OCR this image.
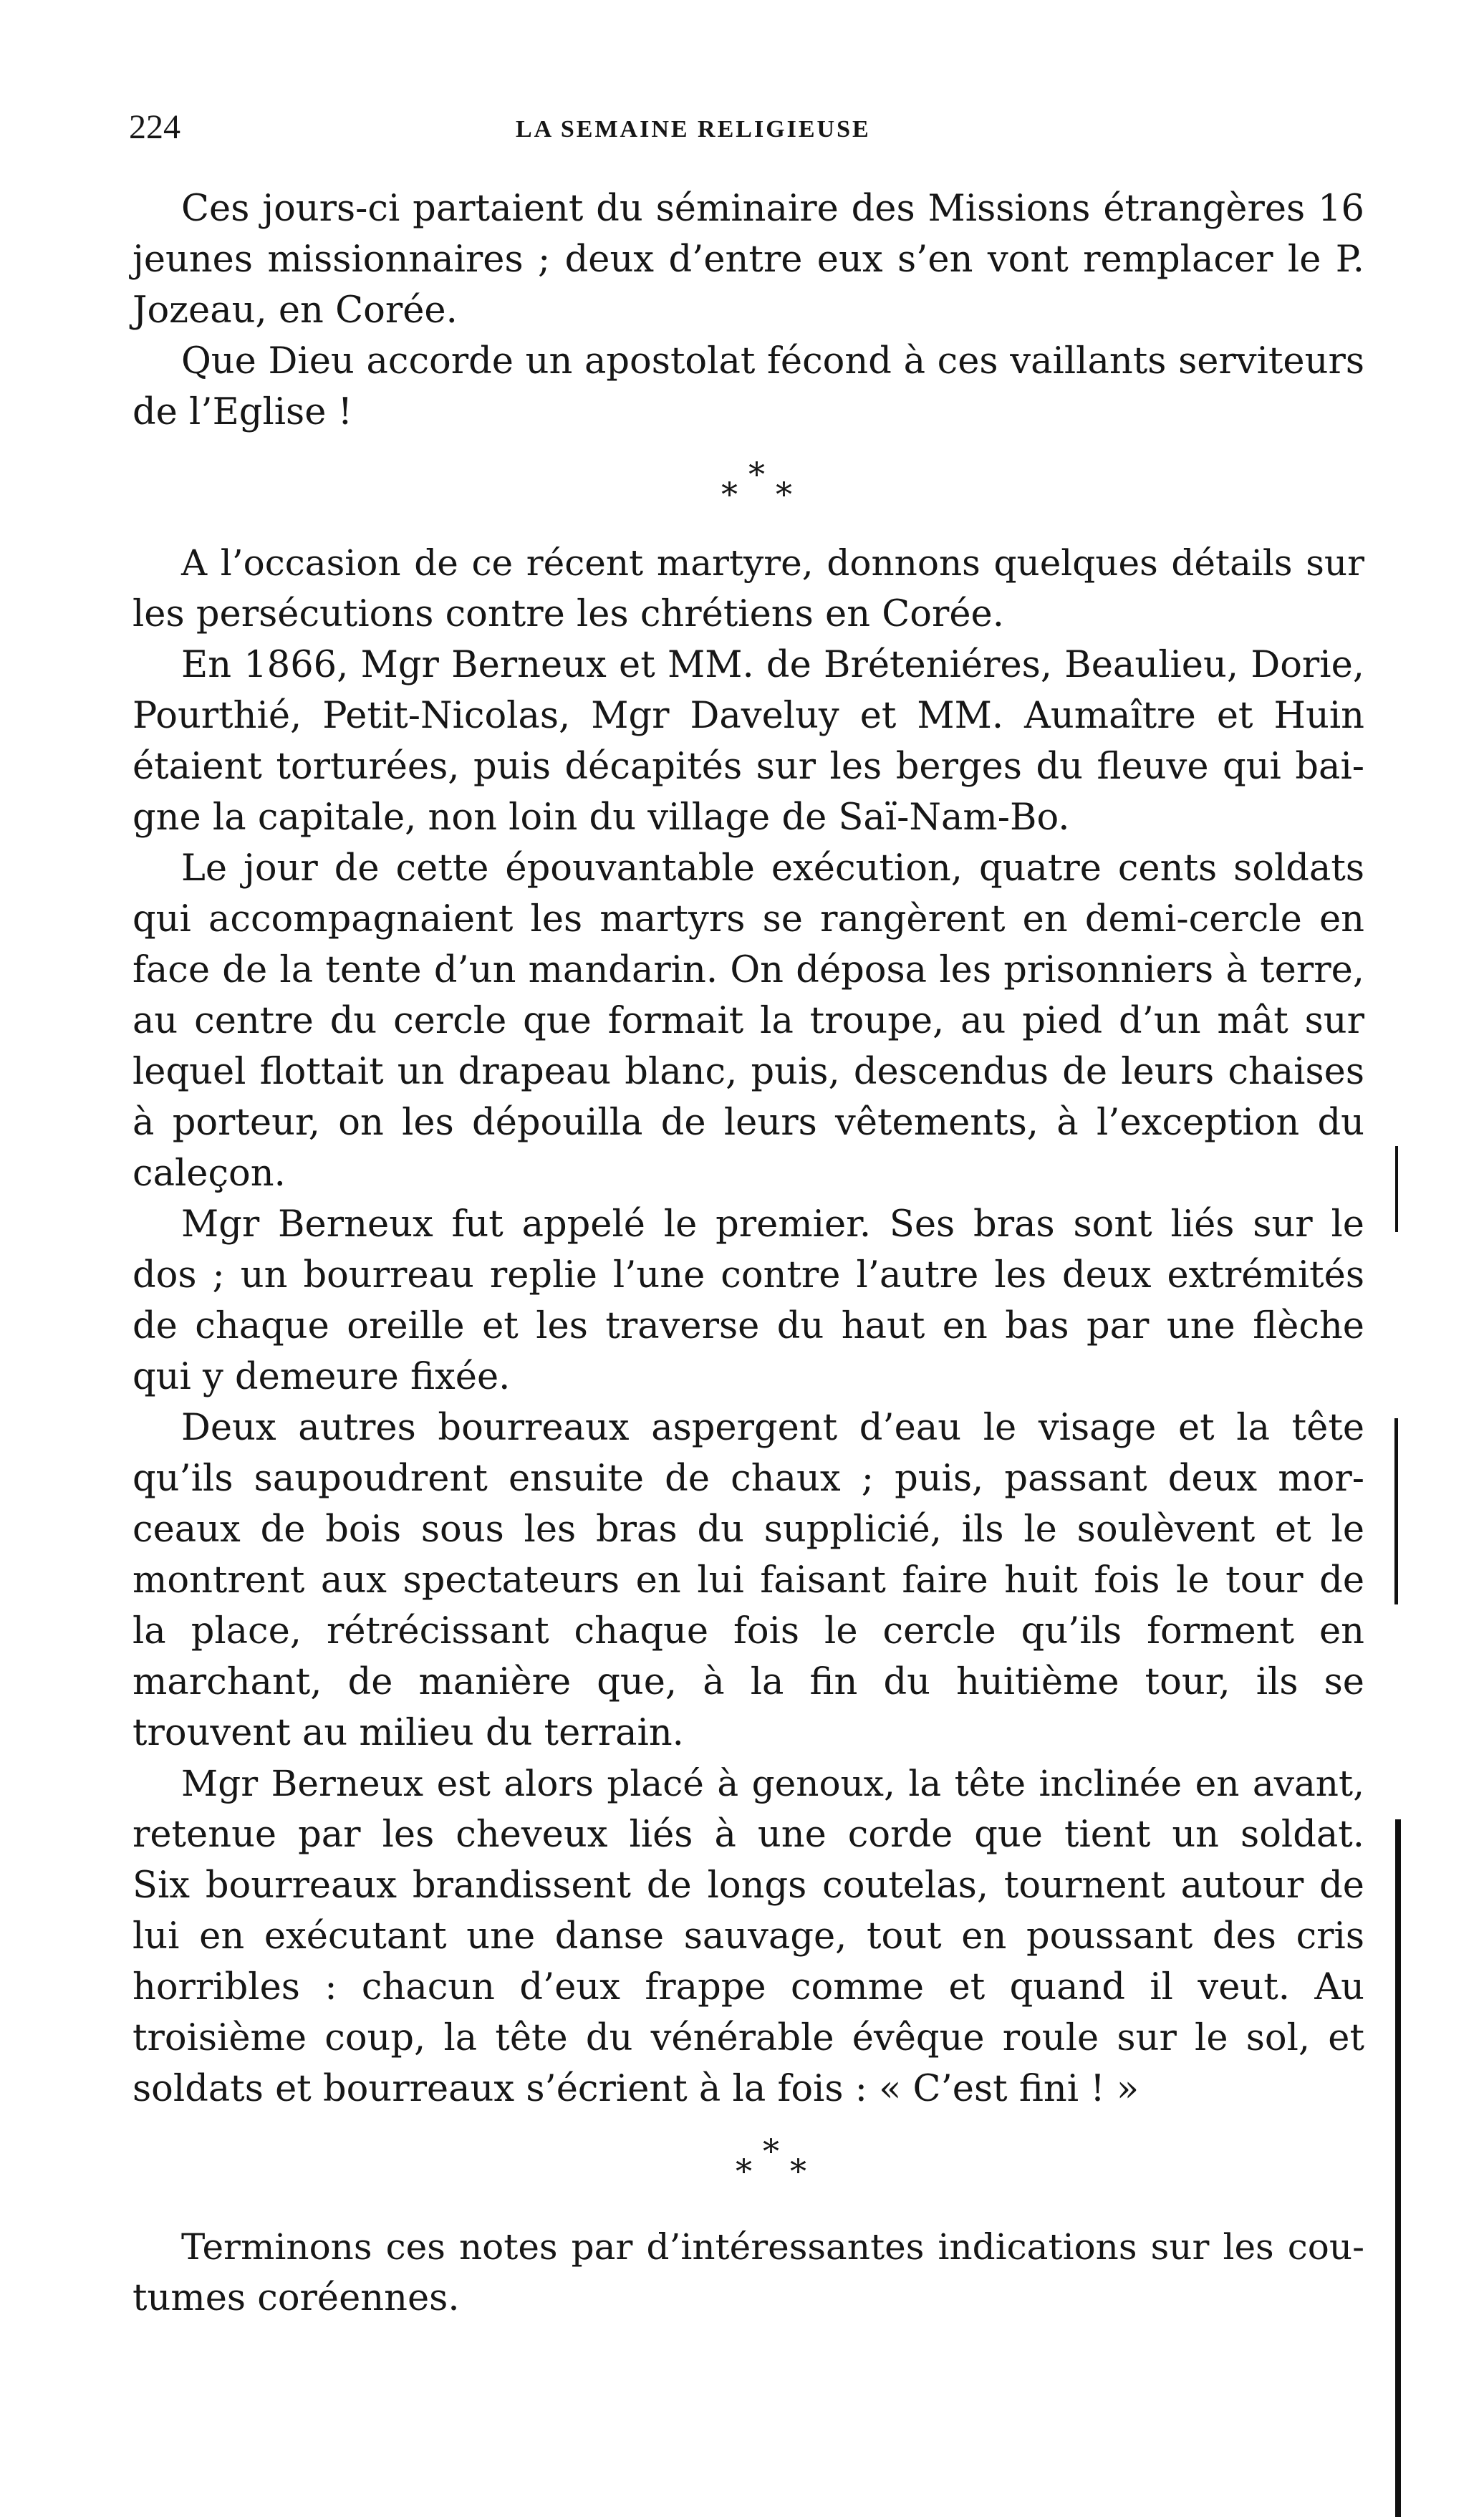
224	LA SEMAINE RELIGIEUSE
Ces jours-ci partaient du séminaire des Missions étrangères 16
jeunes missionnaires ; deux d’entre eux s’en vont remplacer le P.
Jozeau, en Corée.
Que Dieu accorde un apostolat fécond à ces vaillants serviteurs
de l’Eglise !
*
* *
A l’occasion de ce récent martyre, donnons quelques détails sur
les persécutions contre les chrétiens en Corée.
En 1866, Mgr Berneux et MM. de Bréteniéres, Beaulieu, Dorie,
Pourthié, Petit-Nicolas, Mgr Daveluy et MM. Aumaître et Huin
étaient torturées, puis décapités sur les berges du fleuve qui bai-
gne la capitale, non loin du village de Saï-Nam-Bo.
Le jour de cette épouvantable exécution, quatre cents soldats
qui accompagnaient les martyrs se rangèrent en demi-cercle en
face de la tente d’un mandarin. On déposa les prisonniers à terre,
au centre du cercle que formait la troupe, au pied d’un mât sur
lequel flottait un drapeau blanc, puis, descendus de leurs chaises
à porteur, on les dépouilla de leurs vêtements, à l’exception du
caleçon.
Mgr Berneux fut appelé le premier. Ses bras sont liés sur le
dos ; un bourreau replie l’une contre l’autre les deux extrémités
de chaque oreille et les traverse du haut en bas par une flèche
qui y demeure fixée.
Deux autres bourreaux aspergent d’eau le visage et la tête
qu’ils saupoudrent ensuite de chaux ; puis, passant deux mor-
ceaux de bois sous les bras du supplicié, ils le soulèvent et le
montrent aux spectateurs en lui faisant faire huit fois le tour de
la place, rétrécissant chaque fois le cercle qu’ils forment en
marchant, de manière que, à la fin du huitième tour, ils se
trouvent au milieu du terrain.
Mgr Berneux est alors placé à genoux, la tête inclinée en avant,
retenue par les cheveux liés à une corde que tient un soldat.
Six bourreaux brandissent de longs coutelas, tournent autour de
lui en exécutant une danse sauvage, tout en poussant des cris
horribles : chacun d’eux frappe comme et quand il veut. Au
troisième coup, la tête du vénérable évêque roule sur le sol, et
soldats et bourreaux s’écrient à la fois : « C’est fini ! »
*
* *
Terminons ces notes par d’intéressantes indications sur les cou-
tumes coréennes.
